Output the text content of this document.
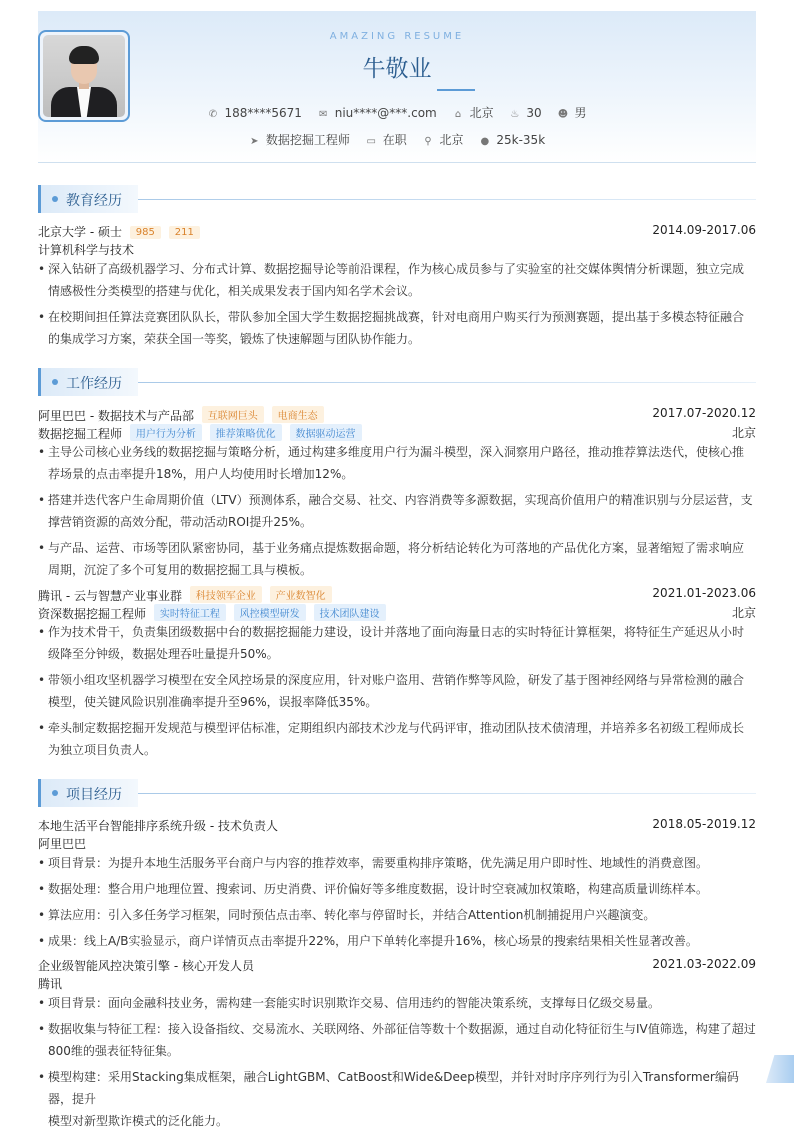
AMAZING RESUME
牛敬业
✆ 188****5671 ✉ niu****@***.com ⌂ 北京 ♨ 30 ☻ 男
➤ 数据挖掘工程师 ▭ 在职 ⚲ 北京 ● 25k-35k
教育经历
北京大学 - 硕士 985 211	2014.09-2017.06
计算机科学与技术
• 深入钻研了高级机器学习、分布式计算、数据挖掘导论等前沿课程，作为核心成员参与了实验室的社交媒体舆情分析课题，独立完成
情感极性分类模型的搭建与优化，相关成果发表于国内知名学术会议。
• 在校期间担任算法竞赛团队队长，带队参加全国大学生数据挖掘挑战赛，针对电商用户购买行为预测赛题，提出基于多模态特征融合
的集成学习方案，荣获全国一等奖，锻炼了快速解题与团队协作能力。
工作经历
阿里巴巴 - 数据技术与产品部 互联网巨头 电商生态	2017.07-2020.12
数据挖掘工程师 用户行为分析 推荐策略优化 数据驱动运营	北京
• 主导公司核心业务线的数据挖掘与策略分析，通过构建多维度用户行为漏斗模型，深入洞察用户路径，推动推荐算法迭代，使核心推
荐场景的点击率提升18%，用户人均使用时长增加12%。
• 搭建并迭代客户生命周期价值（LTV）预测体系，融合交易、社交、内容消费等多源数据，实现高价值用户的精准识别与分层运营，支
撑营销资源的高效分配，带动活动ROI提升25%。
• 与产品、运营、市场等团队紧密协同，基于业务痛点提炼数据命题，将分析结论转化为可落地的产品优化方案，显著缩短了需求响应
周期，沉淀了多个可复用的数据挖掘工具与模板。
腾讯 - 云与智慧产业事业群 科技领军企业 产业数智化	2021.01-2023.06
资深数据挖掘工程师 实时特征工程 风控模型研发 技术团队建设	北京
• 作为技术骨干，负责集团级数据中台的数据挖掘能力建设，设计并落地了面向海量日志的实时特征计算框架，将特征生产延迟从小时
级降至分钟级，数据处理吞吐量提升50%。
• 带领小组攻坚机器学习模型在安全风控场景的深度应用，针对账户盗用、营销作弊等风险，研发了基于图神经网络与异常检测的融合
模型，使关键风险识别准确率提升至96%，误报率降低35%。
• 牵头制定数据挖掘开发规范与模型评估标准，定期组织内部技术沙龙与代码评审，推动团队技术债清理，并培养多名初级工程师成长
为独立项目负责人。
项目经历
本地生活平台智能排序系统升级 - 技术负责人	2018.05-2019.12
阿里巴巴
• 项目背景：为提升本地生活服务平台商户与内容的推荐效率，需要重构排序策略，优先满足用户即时性、地域性的消费意图。
• 数据处理：整合用户地理位置、搜索词、历史消费、评价偏好等多维度数据，设计时空衰减加权策略，构建高质量训练样本。
• 算法应用：引入多任务学习框架，同时预估点击率、转化率与停留时长，并结合Attention机制捕捉用户兴趣演变。
• 成果：线上A/B实验显示，商户详情页点击率提升22%，用户下单转化率提升16%，核心场景的搜索结果相关性显著改善。
企业级智能风控决策引擎 - 核心开发人员	2021.03-2022.09
腾讯
• 项目背景：面向金融科技业务，需构建一套能实时识别欺诈交易、信用违约的智能决策系统，支撑每日亿级交易量。
• 数据收集与特征工程：接入设备指纹、交易流水、关联网络、外部征信等数十个数据源，通过自动化特征衍生与IV值筛选，构建了超过
800维的强表征特征集。
• 模型构建：采用Stacking集成框架，融合LightGBM、CatBoost和Wide&Deep模型，并针对时序序列行为引入Transformer编码器，提升
模型对新型欺诈模式的泛化能力。
